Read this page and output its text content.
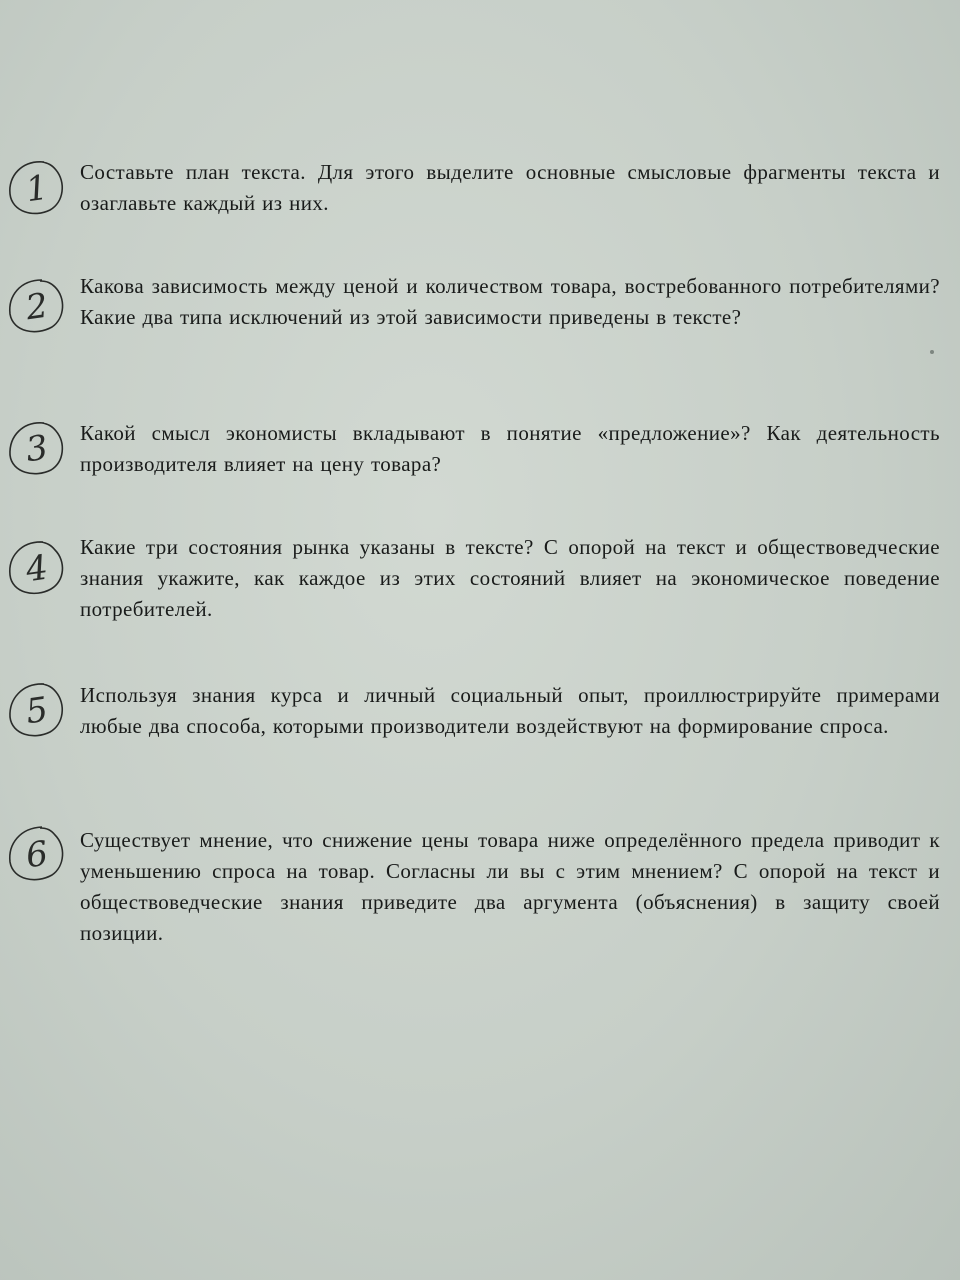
1	Составьте план текста. Для этого выделите основные смысловые фрагменты текста и озаглавьте каждый из них.
2	Какова зависимость между ценой и количеством товара, востребованного потребителями? Какие два типа исключений из этой зависимости приведены в тексте?
3	Какой смысл экономисты вкладывают в понятие «предложение»? Как деятельность производителя влияет на цену товара?
4
Какие три состояния рынка указаны в тексте? С опорой на текст и обществоведческие знания укажите, как каждое из этих состояний влияет на экономическое поведение потребителей.
5	Используя знания курса и личный социальный опыт, проиллюстрируйте примерами любые два способа, которыми производители воздействуют на формирование спроса.
6	Существует мнение, что снижение цены товара ниже определённого предела приводит к уменьшению спроса на товар. Согласны ли вы с этим мнением? С опорой на текст и обществоведческие знания приведите два аргумента (объяснения) в защиту своей позиции.
